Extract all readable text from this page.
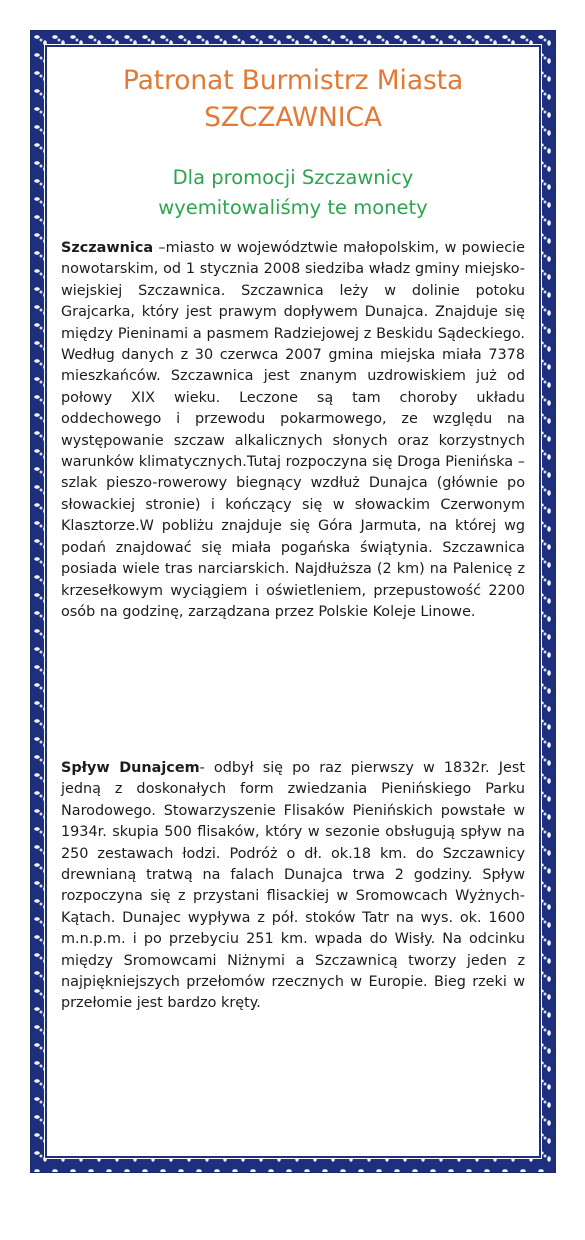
Patronat Burmistrz Miasta
SZCZAWNICA

Dla promocji Szczawnicy

wyemitowaliśmy te monety

Szczawnica –miasto w województwie małopolskim, w powiecie nowotarskim, od 1 stycznia 2008 siedziba władz gminy miejsko-wiejskiej Szczawnica. Szczawnica leży w dolinie potoku Grajcarka, który jest prawym dopływem Dunajca. Znajduje się między Pieninami a pasmem Radziejowej z Beskidu Sądeckiego. Według danych z 30 czerwca 2007 gmina miejska miała 7378 mieszkańców. Szczawnica jest znanym uzdrowiskiem już od połowy XIX wieku. Leczone są tam choroby układu oddechowego i przewodu pokarmowego, ze względu na występowanie szczaw alkalicznych słonych oraz korzystnych warunków klimatycznych.Tutaj rozpoczyna się Droga Pienińska – szlak pieszo-rowerowy biegnący wzdłuż Dunajca (głównie po słowackiej stronie) i kończący się w słowackim Czerwonym Klasztorze.W pobliżu znajduje się Góra Jarmuta, na której wg podań znajdować się miała pogańska świątynia. Szczawnica posiada wiele tras narciarskich. Najdłuższa (2 km) na Palenicę z krzesełkowym wyciągiem i oświetleniem, przepustowość 2200 osób na godzinę, zarządzana przez Polskie Koleje Linowe.

Spływ Dunajcem- odbył się po raz pierwszy w 1832r. Jest jedną z doskonałych form zwiedzania Pienińskiego Parku Narodowego. Stowarzyszenie Flisaków Pienińskich powstałe w 1934r. skupia 500 flisaków, który w sezonie obsługują spływ na 250 zestawach łodzi. Podróż o dł. ok.18 km. do Szczawnicy drewnianą tratwą na falach Dunajca trwa 2 godziny. Spływ rozpoczyna się z przystani flisackiej w Sromowcach Wyżnych- Kątach. Dunajec wypływa z pół. stoków Tatr na wys. ok. 1600 m.n.p.m. i po przebyciu 251 km. wpada do Wisły. Na odcinku między Sromowcami Niżnymi a Szczawnicą tworzy jeden z najpiękniejszych przełomów rzecznych w Europie. Bieg rzeki w przełomie jest bardzo kręty.
